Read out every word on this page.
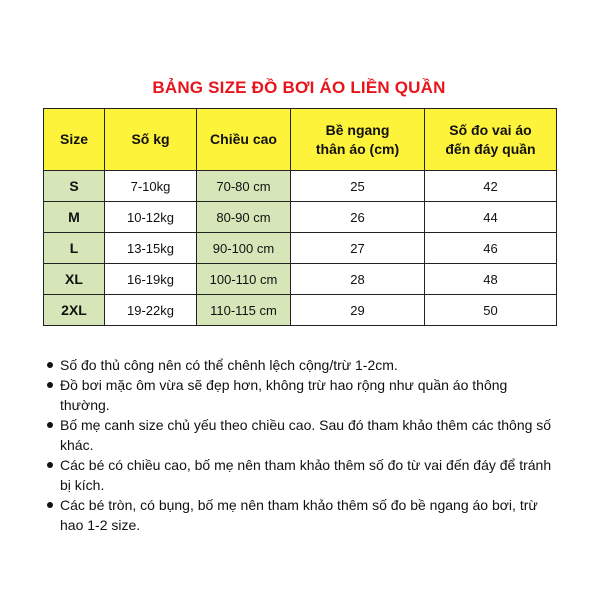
BẢNG SIZE ĐỒ BƠI ÁO LIỀN QUẦN
Size	Số kg	Chiều cao	Bề ngang thân áo (cm)	Số đo vai áo đến đáy quần
S	7-10kg	70-80 cm	25	42
M	10-12kg	80-90 cm	26	44
L	13-15kg	90-100 cm	27	46
XL	16-19kg	100-110 cm	28	48
2XL	19-22kg	110-115 cm	29	50
Số đo thủ công nên có thể chênh lệch cộng/trừ 1-2cm.
Đồ bơi mặc ôm vừa sẽ đẹp hơn, không trừ hao rộng như quần áo thông thường.
Bố mẹ canh size chủ yếu theo chiều cao. Sau đó tham khảo thêm các thông số khác.
Các bé có chiều cao, bố mẹ nên tham khảo thêm số đo từ vai đến đáy để tránh bị kích.
Các bé tròn, có bụng, bố mẹ nên tham khảo thêm số đo bề ngang áo bơi, trừ hao 1-2 size.
